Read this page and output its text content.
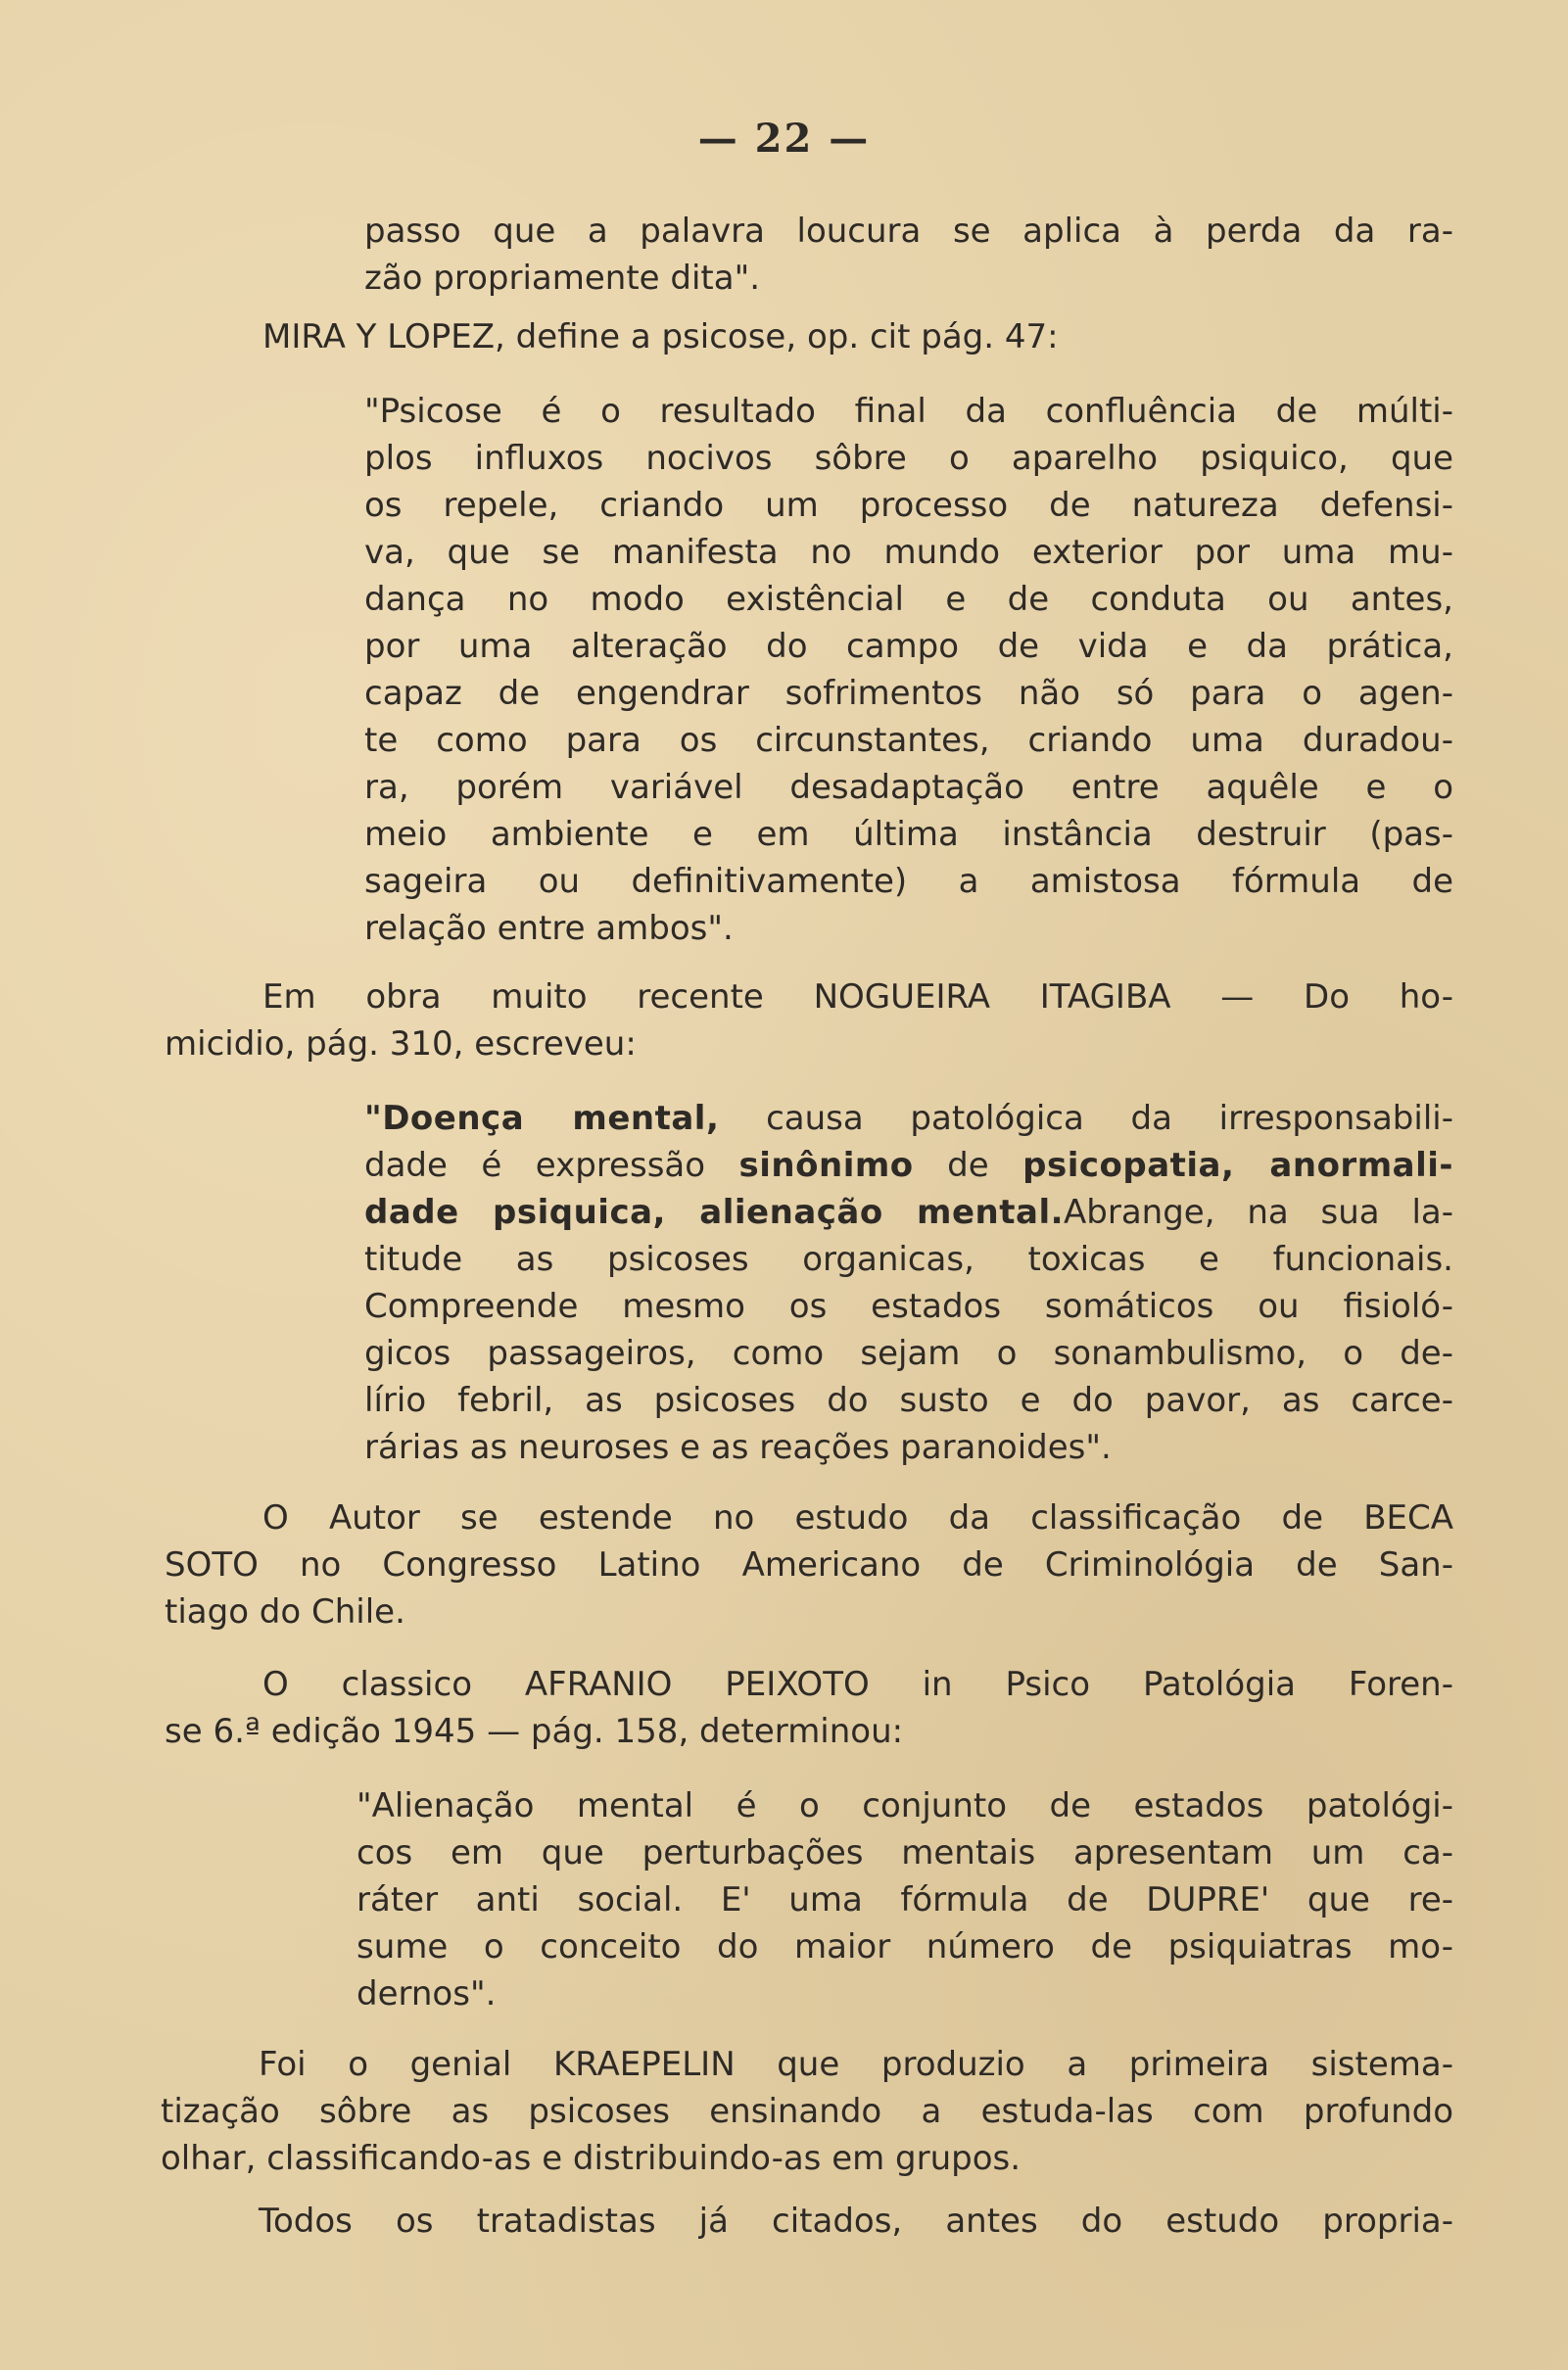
— 22 —

passo que a palavra loucura se aplica à perda da ra-
zão propriamente dita".

MIRA Y LOPEZ, define a psicose, op. cit pág. 47:

"Psicose é o resultado final da confluência de múlti-
plos influxos nocivos sôbre o aparelho psiquico, que
os repele, criando um processo de natureza defensi-
va, que se manifesta no mundo exterior por uma mu-
dança no modo existêncial e de conduta ou antes,
por uma alteração do campo de vida e da prática,
capaz de engendrar sofrimentos não só para o agen-
te como para os circunstantes, criando uma duradou-
ra, porém variável desadaptação entre aquêle e o
meio ambiente e em última instância destruir (pas-
sageira ou definitivamente) a amistosa fórmula de
relação entre ambos".

Em obra muito recente NOGUEIRA ITAGIBA — Do ho-
micidio, pág. 310, escreveu:

"Doença mental, causa patológica da irresponsabili-
dade é expressão sinônimo de psicopatia, anormali-
dade psiquica, alienação mental.Abrange, na sua la-
titude as psicoses organicas, toxicas e funcionais.
Compreende mesmo os estados somáticos ou fisioló-
gicos passageiros, como sejam o sonambulismo, o de-
lírio febril, as psicoses do susto e do pavor, as carce-
rárias as neuroses e as reações paranoides".

O Autor se estende no estudo da classificação de BECA
SOTO no Congresso Latino Americano de Criminológia de San-
tiago do Chile.

O classico AFRANIO PEIXOTO in Psico Patológia Foren-
se 6.ª edição 1945 — pág. 158, determinou:

"Alienação mental é o conjunto de estados patológi-
cos em que perturbações mentais apresentam um ca-
ráter anti social. E' uma fórmula de DUPRE' que re-
sume o conceito do maior número de psiquiatras mo-
dernos".

Foi o genial KRAEPELIN que produzio a primeira sistema-
tização sôbre as psicoses ensinando a estuda-las com profundo
olhar, classificando-as e distribuindo-as em grupos.

Todos os tratadistas já citados, antes do estudo propria-
